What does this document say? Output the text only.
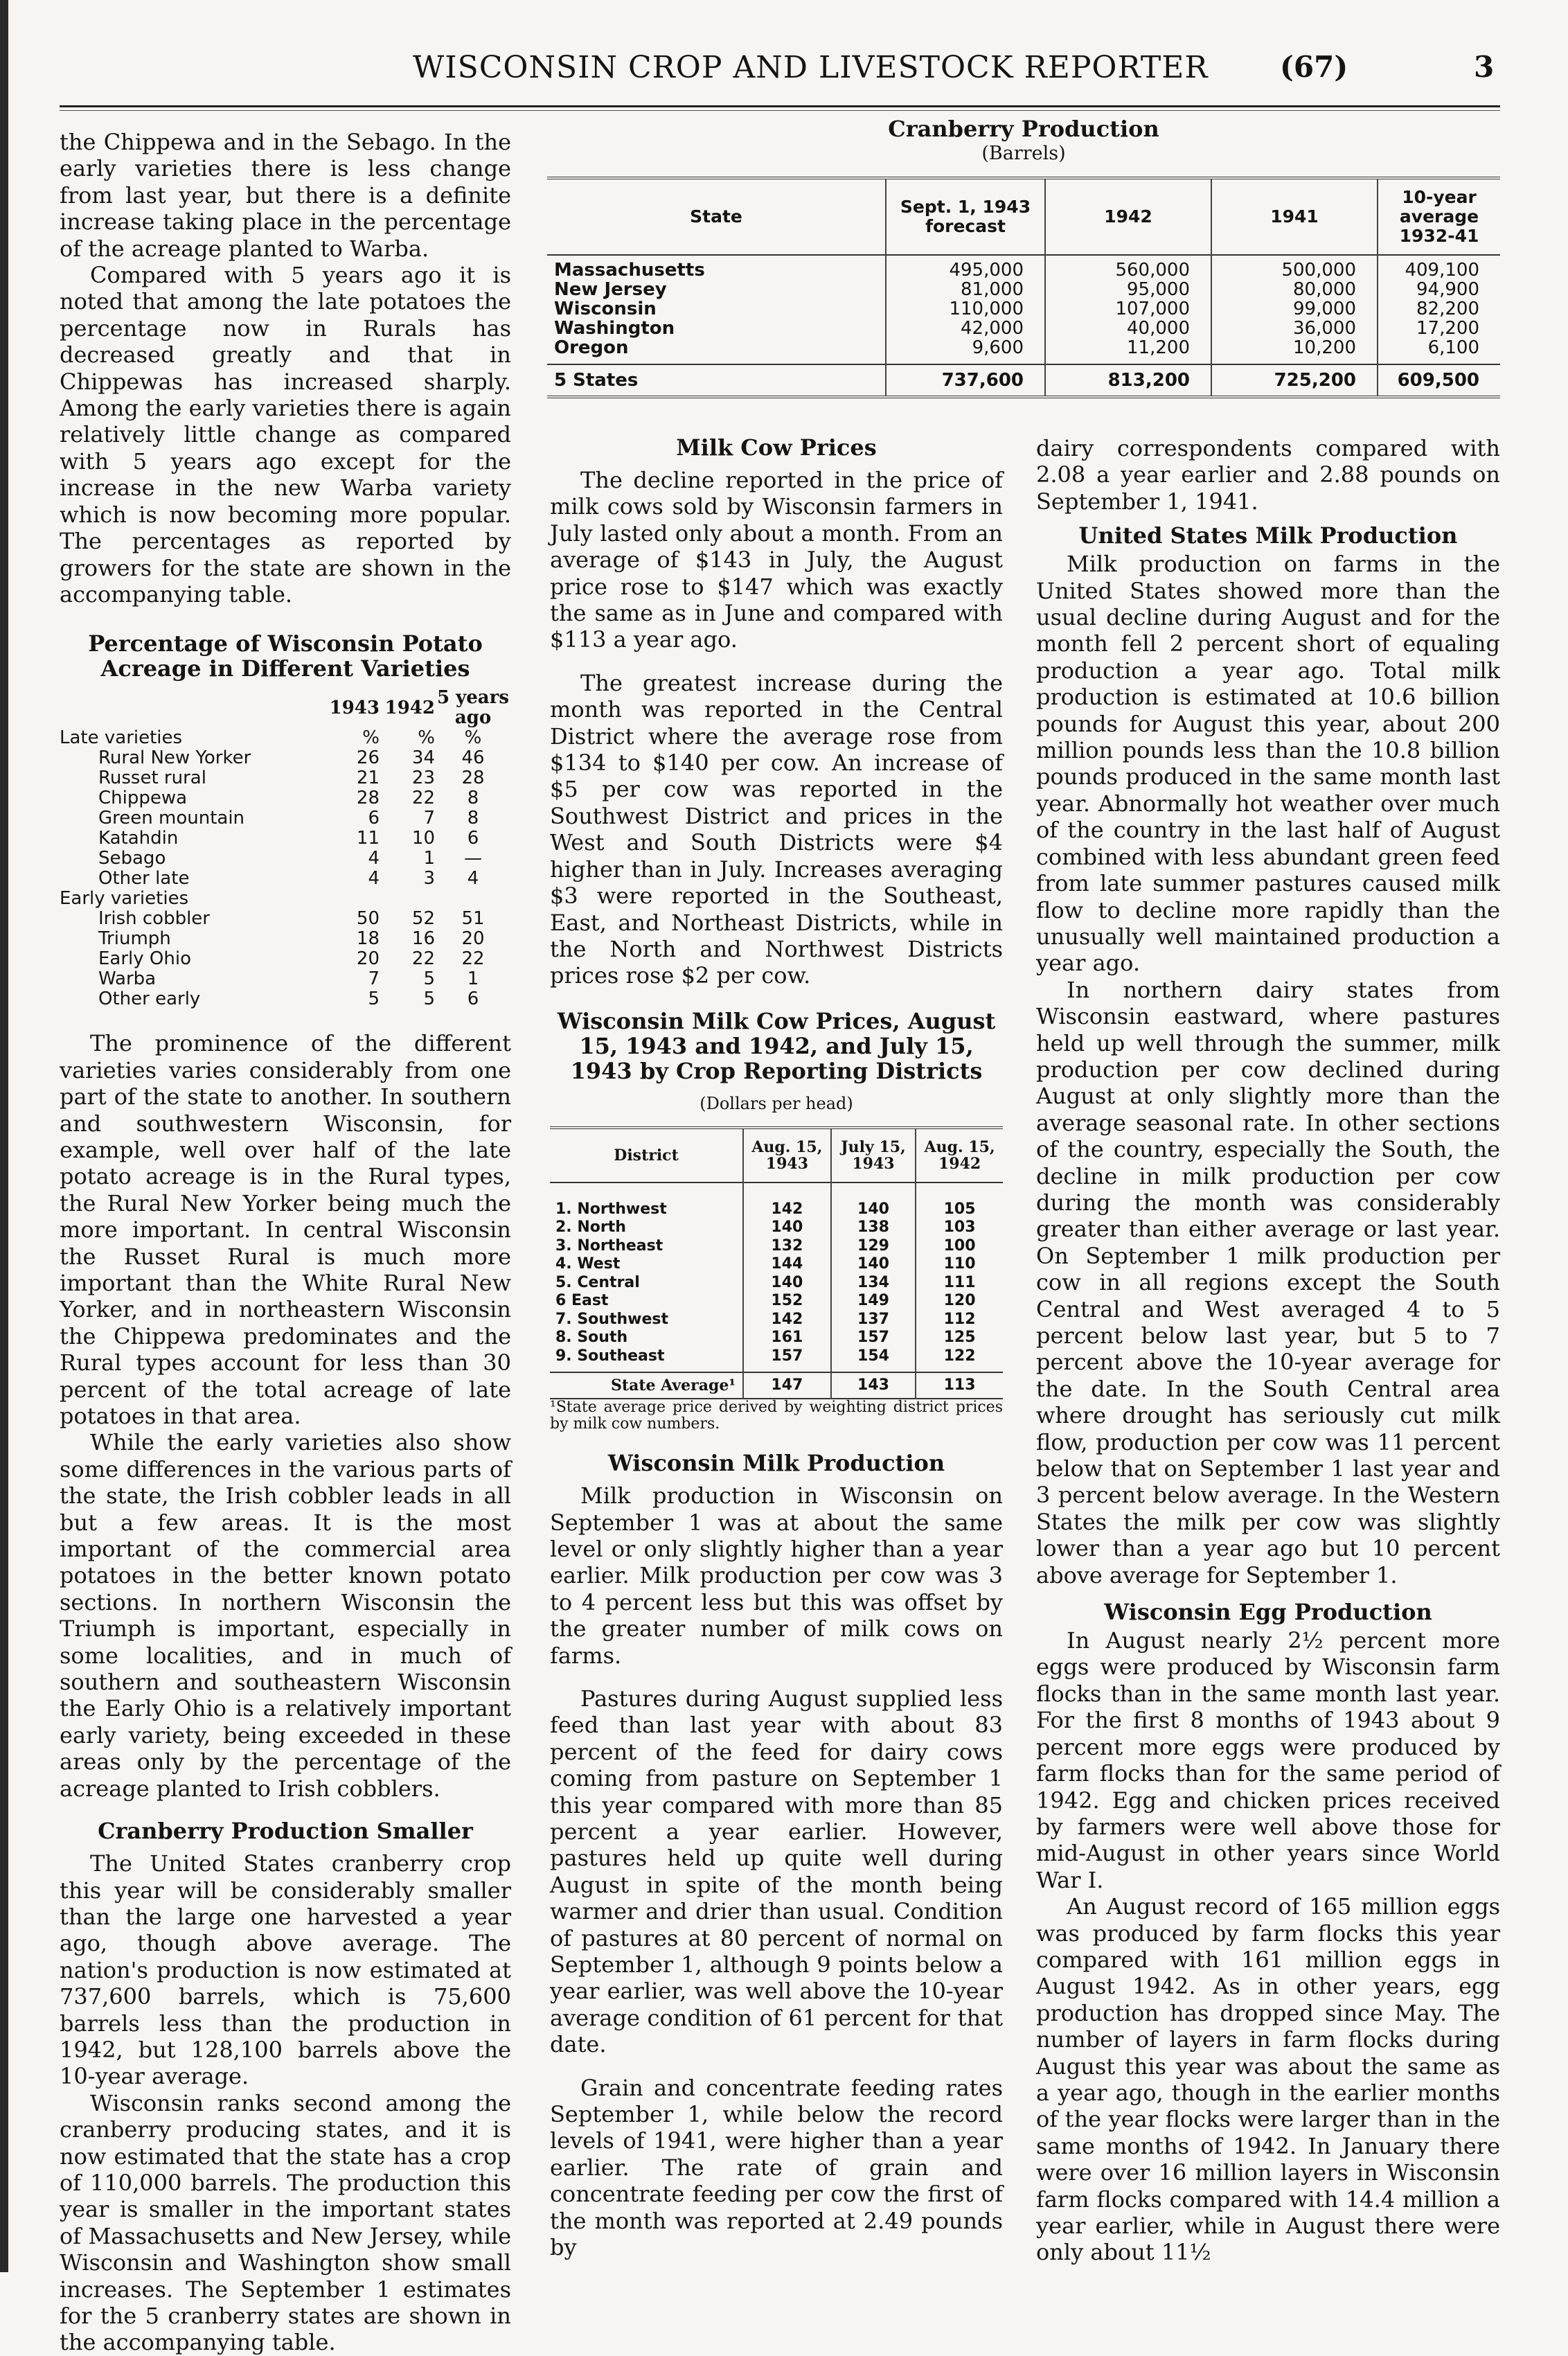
WISCONSIN CROP AND LIVESTOCK REPORTER (67)	3

the Chippewa and in the Sebago. In the early varieties there is less change from last year, but there is a definite increase taking place in the percentage of the acreage planted to Warba.

Compared with 5 years ago it is noted that among the late potatoes the percentage now in Rurals has decreased greatly and that in Chippewas has increased sharply. Among the early varieties there is again relatively little change as compared with 5 years ago except for the increase in the new Warba variety which is now becoming more popular. The percentages as reported by growers for the state are shown in the accompanying table.

Percentage of Wisconsin Potato Acreage in Different Varieties
	1943	1942	5 years ago
Late varieties	%	%	%
Rural New Yorker	26	34	46
Russet rural	21	23	28
Chippewa	28	22	8
Green mountain	6	7	8
Katahdin	11	10	6
Sebago	4	1	—
Other late	4	3	4
Early varieties			
Irish cobbler	50	52	51
Triumph	18	16	20
Early Ohio	20	22	22
Warba	7	5	1
Other early	5	5	6

The prominence of the different varieties varies considerably from one part of the state to another. In southern and southwestern Wisconsin, for example, well over half of the late potato acreage is in the Rural types, the Rural New Yorker being much the more important. In central Wisconsin the Russet Rural is much more important than the White Rural New Yorker, and in northeastern Wisconsin the Chippewa predominates and the Rural types account for less than 30 percent of the total acreage of late potatoes in that area.

While the early varieties also show some differences in the various parts of the state, the Irish cobbler leads in all but a few areas. It is the most important of the commercial area potatoes in the better known potato sections. In northern Wisconsin the Triumph is important, especially in some localities, and in much of southern and southeastern Wisconsin the Early Ohio is a relatively important early variety, being exceeded in these areas only by the percentage of the acreage planted to Irish cobblers.

Cranberry Production Smaller

The United States cranberry crop this year will be considerably smaller than the large one harvested a year ago, though above average. The nation's production is now estimated at 737,600 barrels, which is 75,600 barrels less than the production in 1942, but 128,100 barrels above the 10-year average.

Wisconsin ranks second among the cranberry producing states, and it is now estimated that the state has a crop of 110,000 barrels. The production this year is smaller in the important states of Massachusetts and New Jersey, while Wisconsin and Washington show small increases. The September 1 estimates for the 5 cranberry states are shown in the accompanying table.

Cranberry Production
(Barrels)
State	Sept. 1, 1943 forecast	1942	1941	10-year average 1932-41
Massachusetts	495,000	560,000	500,000	409,100
New Jersey	81,000	95,000	80,000	94,900
Wisconsin	110,000	107,000	99,000	82,200
Washington	42,000	40,000	36,000	17,200
Oregon	9,600	11,200	10,200	6,100
5 States	737,600	813,200	725,200	609,500
Milk Cow Prices

The decline reported in the price of milk cows sold by Wisconsin farmers in July lasted only about a month. From an average of $143 in July, the August price rose to $147 which was exactly the same as in June and compared with $113 a year ago.

The greatest increase during the month was reported in the Central District where the average rose from $134 to $140 per cow. An increase of $5 per cow was reported in the Southwest District and prices in the West and South Districts were $4 higher than in July. Increases averaging $3 were reported in the Southeast, East, and Northeast Districts, while in the North and Northwest Districts prices rose $2 per cow.

Wisconsin Milk Cow Prices, August 15, 1943 and 1942, and July 15, 1943 by Crop Reporting Districts
(Dollars per head)
District	Aug. 15, 1943	July 15, 1943	Aug. 15, 1942
1. Northwest	142	140	105
2. North	140	138	103
3. Northeast	132	129	100
4. West	144	140	110
5. Central	140	134	111
6 East	152	149	120
7. Southwest	142	137	112
8. South	161	157	125
9. Southeast	157	154	122
State Average¹	147	143	113

¹State average price derived by weighting district prices by milk cow numbers.

Wisconsin Milk Production

Milk production in Wisconsin on September 1 was at about the same level or only slightly higher than a year earlier. Milk production per cow was 3 to 4 percent less but this was offset by the greater number of milk cows on farms.

Pastures during August supplied less feed than last year with about 83 percent of the feed for dairy cows coming from pasture on September 1 this year compared with more than 85 percent a year earlier. However, pastures held up quite well during August in spite of the month being warmer and drier than usual. Condition of pastures at 80 percent of normal on September 1, although 9 points below a year earlier, was well above the 10-year average condition of 61 percent for that date.

Grain and concentrate feeding rates September 1, while below the record levels of 1941, were higher than a year earlier. The rate of grain and concentrate feeding per cow the first of the month was reported at 2.49 pounds by

dairy correspondents compared with 2.08 a year earlier and 2.88 pounds on September 1, 1941.

United States Milk Production

Milk production on farms in the United States showed more than the usual decline during August and for the month fell 2 percent short of equaling production a year ago. Total milk production is estimated at 10.6 billion pounds for August this year, about 200 million pounds less than the 10.8 billion pounds produced in the same month last year. Abnormally hot weather over much of the country in the last half of August combined with less abundant green feed from late summer pastures caused milk flow to decline more rapidly than the unusually well maintained production a year ago.

In northern dairy states from Wisconsin eastward, where pastures held up well through the summer, milk production per cow declined during August at only slightly more than the average seasonal rate. In other sections of the country, especially the South, the decline in milk production per cow during the month was considerably greater than either average or last year. On September 1 milk production per cow in all regions except the South Central and West averaged 4 to 5 percent below last year, but 5 to 7 percent above the 10-year average for the date. In the South Central area where drought has seriously cut milk flow, production per cow was 11 percent below that on September 1 last year and 3 percent below average. In the Western States the milk per cow was slightly lower than a year ago but 10 percent above average for September 1.

Wisconsin Egg Production

In August nearly 2½ percent more eggs were produced by Wisconsin farm flocks than in the same month last year. For the first 8 months of 1943 about 9 percent more eggs were produced by farm flocks than for the same period of 1942. Egg and chicken prices received by farmers were well above those for mid-August in other years since World War I.

An August record of 165 million eggs was produced by farm flocks this year compared with 161 million eggs in August 1942. As in other years, egg production has dropped since May. The number of layers in farm flocks during August this year was about the same as a year ago, though in the earlier months of the year flocks were larger than in the same months of 1942. In January there were over 16 million layers in Wisconsin farm flocks compared with 14.4 million a year earlier, while in August there were only about 11½
